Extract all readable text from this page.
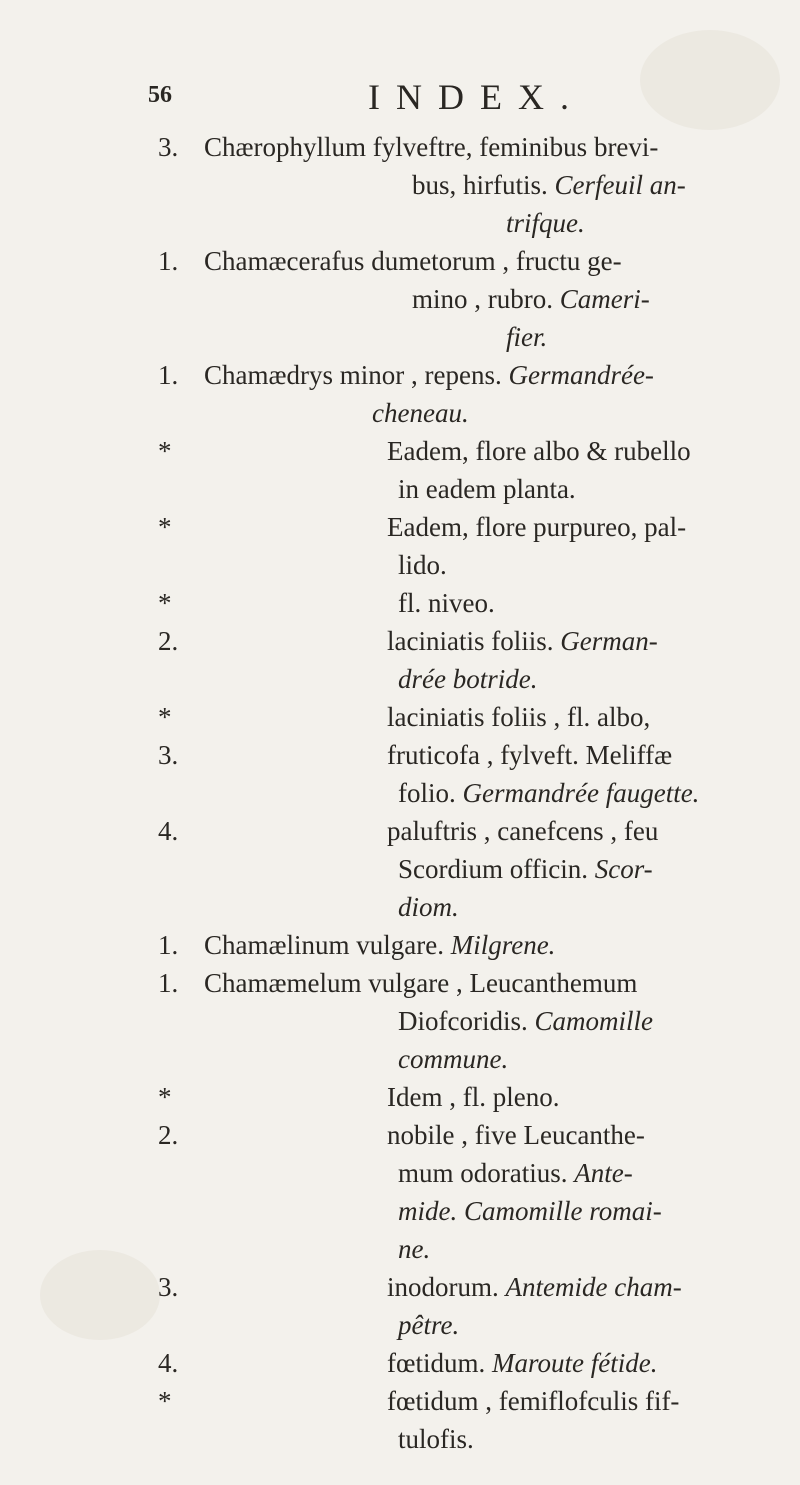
56	INDEX.
3. Chærophyllum fylveftre, feminibus brevi-
bus, hirfutis. Cerfeuil an-
trifque.
1. Chamæcerafus dumetorum , fructu ge-
mino , rubro. Cameri-
fier.
1. Chamædrys minor , repens. Germandrée-
cheneau.
*	Eadem, flore albo & rubello
in eadem planta.
*	Eadem, flore purpureo, pal-
lido.
*	fl. niveo.
2.	laciniatis foliis. German-
drée botride.
*	laciniatis foliis , fl. albo,
3.	fruticofa , fylveft. Meliffæ
folio. Germandrée faugette.
4.	paluftris , canefcens , feu
Scordium officin. Scor-
diom.
1. Chamælinum vulgare. Milgrene.
1. Chamæmelum vulgare , Leucanthemum
Diofcoridis. Camomille
commune.
*	Idem , fl. pleno.
2.	nobile , five Leucanthe-
mum odoratius. Ante-
mide. Camomille romai-
ne.
3.	inodorum. Antemide cham-
pêtre.
4.	fœtidum. Maroute fétide.
*	fœtidum , femiflofculis fif-
tulofis.
